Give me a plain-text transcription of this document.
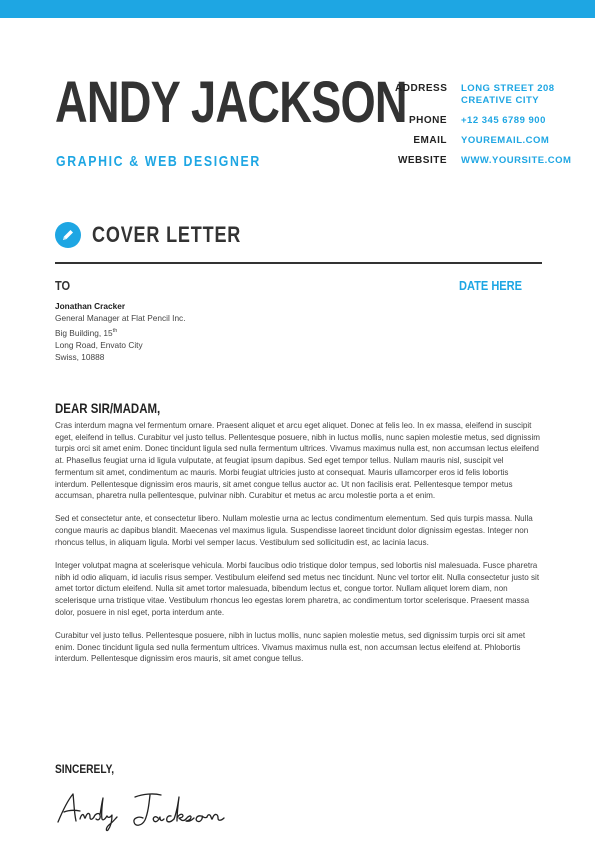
ANDY JACKSON
GRAPHIC & WEB DESIGNER
ADDRESS LONG STREET 208
CREATIVE CITY
PHONE +12 345 6789 900
EMAIL YOUREMAIL.COM
WEBSITE WWW.YOURSITE.COM
COVER LETTER
TO	DATE HERE
Jonathan Cracker
General Manager at Flat Pencil Inc.
Big Building, 15th
Long Road, Envato City
Swiss, 10888
DEAR SIR/MADAM,

Cras interdum magna vel fermentum ornare. Praesent aliquet et arcu eget aliquet. Donec at felis leo. In ex massa, eleifend in suscipit eget, eleifend in tellus. Curabitur vel justo tellus. Pellentesque posuere, nibh in luctus mollis, nunc sapien molestie metus, sed dignissim turpis orci sit amet enim. Donec tincidunt ligula sed nulla fermentum ultrices. Vivamus maximus nulla est, non accumsan lectus eleifend at. Phasellus feugiat urna id ligula vulputate, at feugiat ipsum dapibus. Sed eget tempor tellus. Nullam mauris nisl, suscipit vel fermentum sit amet, condimentum ac mauris. Morbi feugiat ultricies justo at consequat. Mauris ullamcorper eros id felis lobortis interdum. Pellentesque dignissim eros mauris, sit amet congue tellus auctor ac. Ut non facilisis erat. Pellentesque tempor metus accumsan, pharetra nulla pellentesque, pulvinar nibh. Curabitur et metus ac arcu molestie porta a et enim.

Sed et consectetur ante, et consectetur libero. Nullam molestie urna ac lectus condimentum elementum. Sed quis turpis massa. Nulla congue mauris ac dapibus blandit. Maecenas vel maximus ligula. Suspendisse laoreet tincidunt dolor dignissim egestas. Integer non rhoncus tellus, in aliquam ligula. Morbi vel semper lacus. Vestibulum sed sollicitudin est, ac lacinia lacus.

Integer volutpat magna at scelerisque vehicula. Morbi faucibus odio tristique dolor tempus, sed lobortis nisl malesuada. Fusce pharetra nibh id odio aliquam, id iaculis risus semper. Vestibulum eleifend sed metus nec tincidunt. Nunc vel tortor elit. Nulla consectetur justo sit amet tortor dictum eleifend. Nulla sit amet tortor malesuada, bibendum lectus et, congue tortor. Nullam aliquet lorem diam, non scelerisque urna tristique vitae. Vestibulum rhoncus leo egestas lorem pharetra, ac condimentum tortor scelerisque. Praesent massa dolor, posuere in nisl eget, porta interdum ante.

Curabitur vel justo tellus. Pellentesque posuere, nibh in luctus mollis, nunc sapien molestie metus, sed dignissim turpis orci sit amet enim. Donec tincidunt ligula sed nulla fermentum ultrices. Vivamus maximus nulla est, non accumsan lectus eleifend at. Phlobortis interdum. Pellentesque dignissim eros mauris, sit amet congue tellus.

SINCERELY,
